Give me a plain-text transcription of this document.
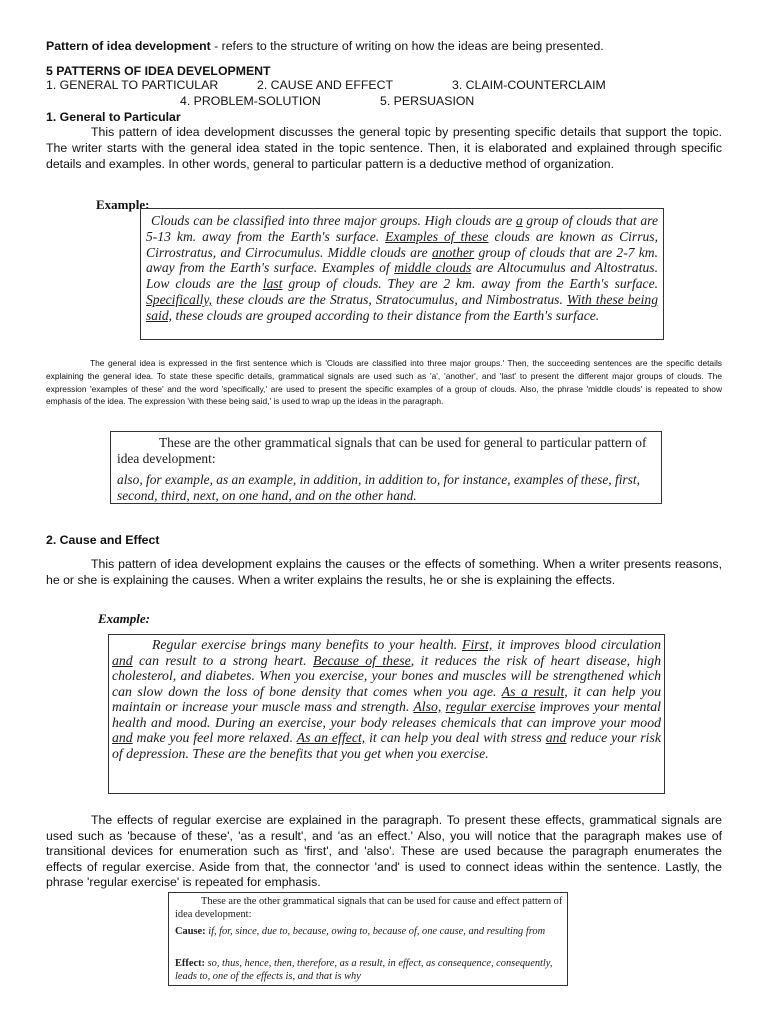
Pattern of idea development - refers to the structure of writing on how the ideas are being presented.
5 PATTERNS OF IDEA DEVELOPMENT
1. GENERAL TO PARTICULAR	2. CAUSE AND EFFECT	3. CLAIM-COUNTERCLAIM
4. PROBLEM-SOLUTION	5. PERSUASION
1. General to Particular
This pattern of idea development discusses the general topic by presenting specific details that support the topic. The writer starts with the general idea stated in the topic sentence. Then, it is elaborated and explained through specific details and examples. In other words, general to particular pattern is a deductive method of organization.
Example:
Clouds can be classified into three major groups. High clouds are a group of clouds that are 5-13 km. away from the Earth's surface. Examples of these clouds are known as Cirrus, Cirrostratus, and Cirrocumulus. Middle clouds are another group of clouds that are 2-7 km. away from the Earth's surface. Examples of middle clouds are Altocumulus and Altostratus. Low clouds are the last group of clouds. They are 2 km. away from the Earth's surface. Specifically, these clouds are the Stratus, Stratocumulus, and Nimbostratus. With these being said, these clouds are grouped according to their distance from the Earth's surface.
The general idea is expressed in the first sentence which is 'Clouds are classified into three major groups.' Then, the succeeding sentences are the specific details explaining the general idea. To state these specific details, grammatical signals are used such as 'a', 'another', and 'last' to present the different major groups of clouds. The expression 'examples of these' and the word 'specifically,' are used to present the specific examples of a group of clouds. Also, the phrase 'middle clouds' is repeated to show emphasis of the idea. The expression 'with these being said,' is used to wrap up the ideas in the paragraph.
These are the other grammatical signals that can be used for general to particular pattern of idea development:
also, for example, as an example, in addition, in addition to, for instance, examples of these, first, second, third, next, on one hand, and on the other hand.
2. Cause and Effect
This pattern of idea development explains the causes or the effects of something. When a writer presents reasons, he or she is explaining the causes. When a writer explains the results, he or she is explaining the effects.
Example:
Regular exercise brings many benefits to your health. First, it improves blood circulation and can result to a strong heart. Because of these, it reduces the risk of heart disease, high cholesterol, and diabetes. When you exercise, your bones and muscles will be strengthened which can slow down the loss of bone density that comes when you age. As a result, it can help you maintain or increase your muscle mass and strength. Also, regular exercise improves your mental health and mood. During an exercise, your body releases chemicals that can improve your mood and make you feel more relaxed. As an effect, it can help you deal with stress and reduce your risk of depression. These are the benefits that you get when you exercise.
The effects of regular exercise are explained in the paragraph. To present these effects, grammatical signals are used such as 'because of these', 'as a result', and 'as an effect.' Also, you will notice that the paragraph makes use of transitional devices for enumeration such as 'first', and 'also'. These are used because the paragraph enumerates the effects of regular exercise. Aside from that, the connector 'and' is used to connect ideas within the sentence. Lastly, the phrase 'regular exercise' is repeated for emphasis.
These are the other grammatical signals that can be used for cause and effect pattern of idea development:
Cause: if, for, since, due to, because, owing to, because of, one cause, and resulting from
Effect: so, thus, hence, then, therefore, as a result, in effect, as consequence, consequently, leads to, one of the effects is, and that is why
